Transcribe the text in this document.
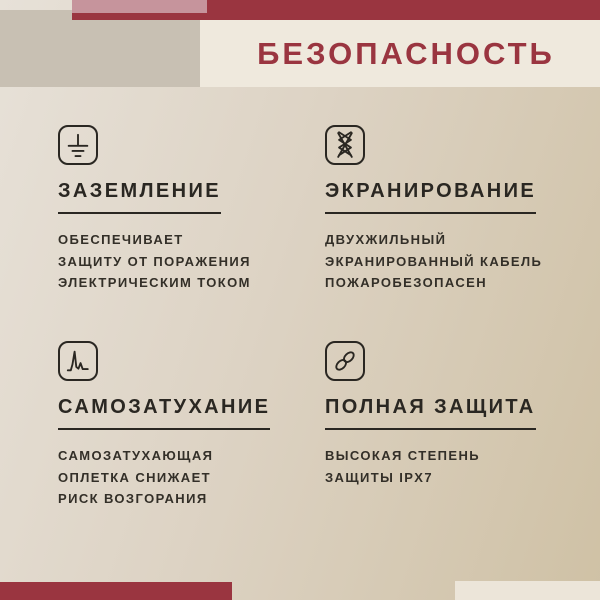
БЕЗОПАСНОСТЬ
ЗАЗЕМЛЕНИЕ
ОБЕСПЕЧИВАЕТ
ЗАЩИТУ ОТ ПОРАЖЕНИЯ
ЭЛЕКТРИЧЕСКИМ ТОКОМ
ЭКРАНИРОВАНИЕ
ДВУХЖИЛЬНЫЙ
ЭКРАНИРОВАННЫЙ КАБЕЛЬ
ПОЖАРОБЕЗОПАСЕН
САМОЗАТУХАНИЕ
САМОЗАТУХАЮЩАЯ
ОПЛЕТКА СНИЖАЕТ
РИСК ВОЗГОРАНИЯ
ПОЛНАЯ ЗАЩИТА
ВЫСОКАЯ СТЕПЕНЬ
ЗАЩИТЫ IPX7
